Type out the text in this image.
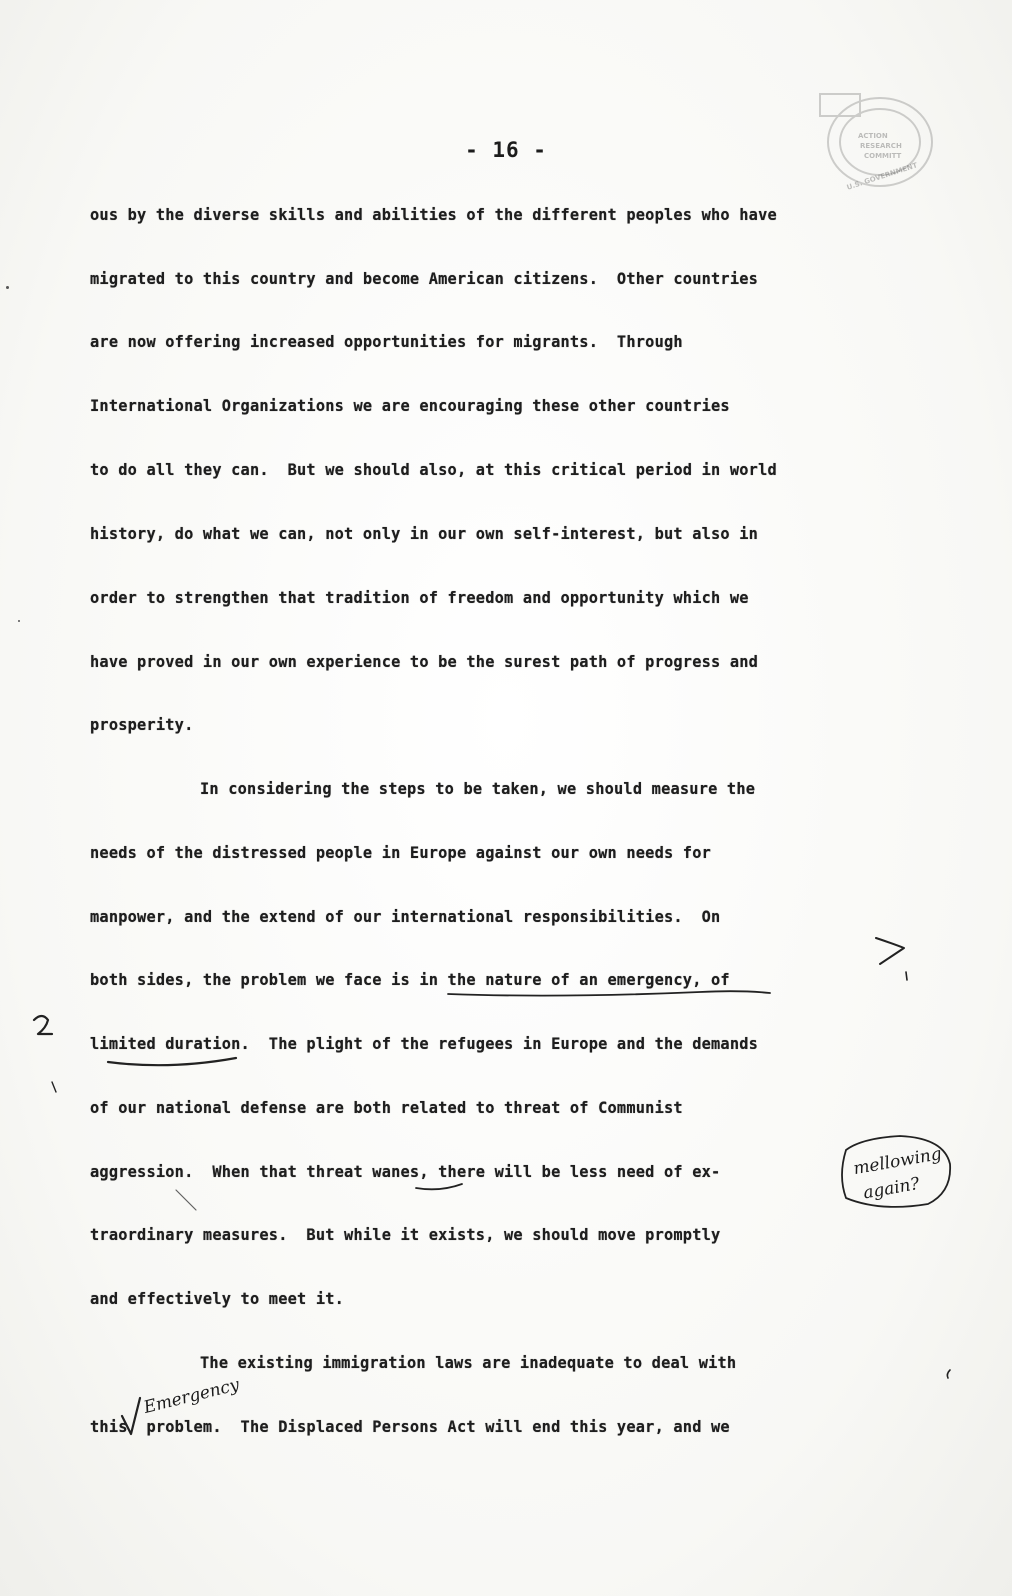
ACTION
RESEARCH
COMMITT
U.S. GOVERNMENT
- 16 -
ous by the diverse skills and abilities of the different peoples who have
migrated to this country and become American citizens.  Other countries
are now offering increased opportunities for migrants.  Through
International Organizations we are encouraging these other countries
to do all they can.  But we should also, at this critical period in world
history, do what we can, not only in our own self-interest, but also in
order to strengthen that tradition of freedom and opportunity which we
have proved in our own experience to be the surest path of progress and
prosperity.
In considering the steps to be taken, we should measure the
needs of the distressed people in Europe against our own needs for
manpower, and the extend of our international responsibilities.  On
both sides, the problem we face is in the nature of an emergency, of
limited duration.  The plight of the refugees in Europe and the demands
of our national defense are both related to threat of Communist
aggression.  When that threat wanes, there will be less need of ex-
traordinary measures.  But while it exists, we should move promptly
and effectively to meet it.
The existing immigration laws are inadequate to deal with
this  problem.  The Displaced Persons Act will end this year, and we
mellowing
again?
Emergency
